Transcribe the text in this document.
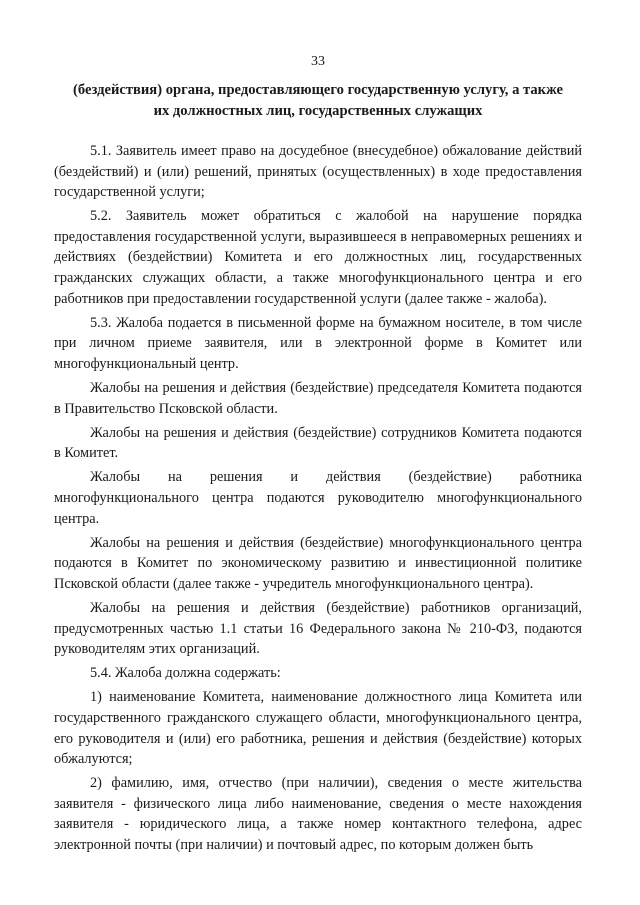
33
(бездействия) органа, предоставляющего государственную услугу, а также
их должностных лиц, государственных служащих

5.1. Заявитель имеет право на досудебное (внесудебное) обжалование действий (бездействий) и (или) решений, принятых (осуществленных) в ходе предоставления государственной услуги;

5.2. Заявитель может обратиться с жалобой на нарушение порядка предоставления государственной услуги, выразившееся в неправомерных решениях и действиях (бездействии) Комитета и его должностных лиц, государственных гражданских служащих области, а также многофункционального центра и его работников при предоставлении государственной услуги (далее также - жалоба).

5.3. Жалоба подается в письменной форме на бумажном носителе, в том числе при личном приеме заявителя, или в электронной форме в Комитет или многофункциональный центр.

Жалобы на решения и действия (бездействие) председателя Комитета подаются в Правительство Псковской области.

Жалобы на решения и действия (бездействие) сотрудников Комитета подаются в Комитет.

Жалобы на решения и действия (бездействие) работника многофункционального центра подаются руководителю многофункционального центра.

Жалобы на решения и действия (бездействие) многофункционального центра подаются в Комитет по экономическому развитию и инвестиционной политике Псковской области (далее также - учредитель многофункционального центра).

Жалобы на решения и действия (бездействие) работников организаций, предусмотренных частью 1.1 статьи 16 Федерального закона № 210-ФЗ, подаются руководителям этих организаций.

5.4. Жалоба должна содержать:

1) наименование Комитета, наименование должностного лица Комитета или государственного гражданского служащего области, многофункционального центра, его руководителя и (или) его работника, решения и действия (бездействие) которых обжалуются;

2) фамилию, имя, отчество (при наличии), сведения о месте жительства заявителя - физического лица либо наименование, сведения о месте нахождения заявителя - юридического лица, а также номер контактного телефона, адрес электронной почты (при наличии) и почтовый адрес, по которым должен быть
